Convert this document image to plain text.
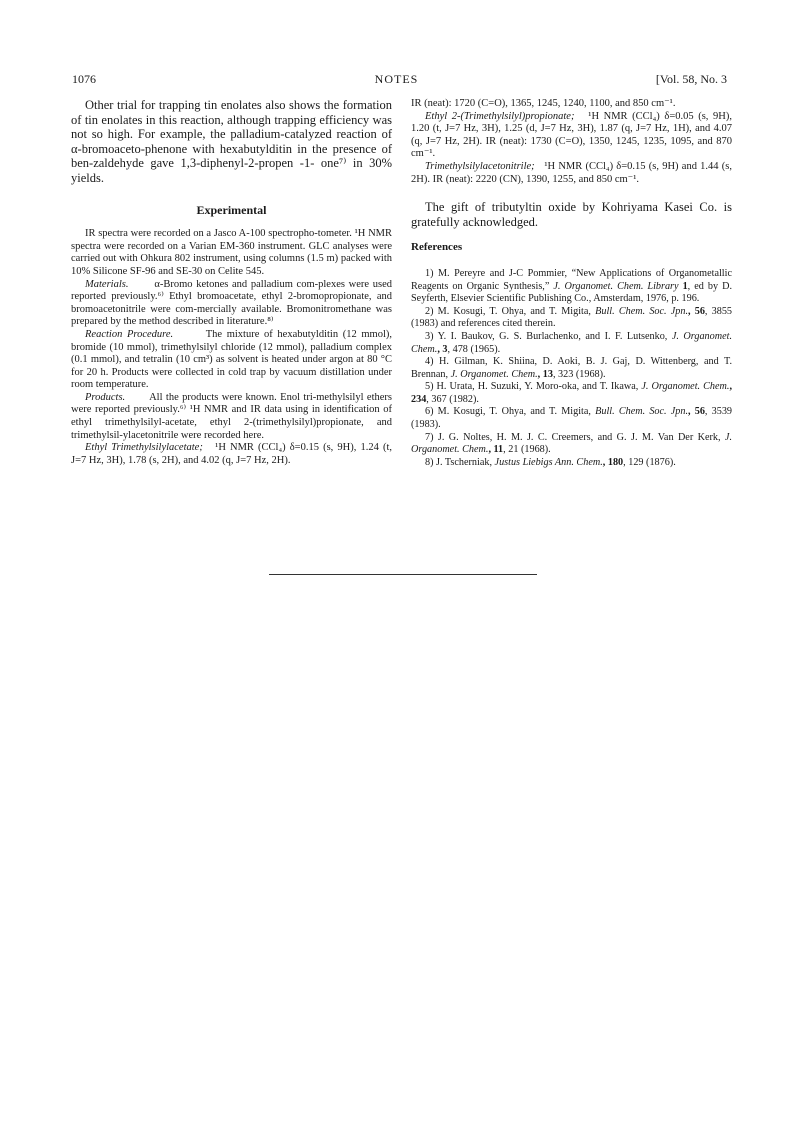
1076	NOTES	[Vol. 58, No. 3

Other trial for trapping tin enolates also shows the formation of tin enolates in this reaction, although trapping efficiency was not so high. For example, the palladium-catalyzed reaction of α-bromoaceto-phenone with hexabutylditin in the presence of ben-zaldehyde gave 1,3-diphenyl-2-propen -1- one⁷⁾ in 30% yields.

Experimental

IR spectra were recorded on a Jasco A-100 spectropho-tometer. ¹H NMR spectra were recorded on a Varian EM-360 instrument. GLC analyses were carried out with Ohkura 802 instrument, using columns (1.5 m) packed with 10% Silicone SF-96 and SE-30 on Celite 545.

Materials. α-Bromo ketones and palladium com-plexes were used reported previously.⁶⁾ Ethyl bromoacetate, ethyl 2-bromopropionate, and bromoacetonitrile were com-mercially available. Bromonitromethane was prepared by the method described in literature.⁸⁾

Reaction Procedure.	The mixture of hexabutylditin (12 mmol), bromide (10 mmol), trimethylsilyl chloride (12 mmol), palladium complex (0.1 mmol), and tetralin (10 cm³) as solvent is heated under argon at 80 °C for 20 h. Products were collected in cold trap by vacuum distillation under room temperature.

Products. All the products were known. Enol tri-methylsilyl ethers were reported previously.⁶⁾ ¹H NMR and IR data using in identification of ethyl trimethylsilyl-acetate, ethyl 2-(trimethylsilyl)propionate, and trimethylsil-ylacetonitrile were recorded here.

Ethyl Trimethylsilylacetate; ¹H NMR (CCl₄) δ=0.15 (s, 9H), 1.24 (t, J=7 Hz, 3H), 1.78 (s, 2H), and 4.02 (q, J=7 Hz, 2H).

IR (neat): 1720 (C=O), 1365, 1245, 1240, 1100, and 850 cm⁻¹.

Ethyl 2-(Trimethylsilyl)propionate; ¹H NMR (CCl₄) δ=0.05 (s, 9H), 1.20 (t, J=7 Hz, 3H), 1.25 (d, J=7 Hz, 3H), 1.87 (q, J=7 Hz, 1H), and 4.07 (q, J=7 Hz, 2H). IR (neat): 1730 (C=O), 1350, 1245, 1235, 1095, and 870 cm⁻¹.

Trimethylsilylacetonitrile; ¹H NMR (CCl₄) δ=0.15 (s, 9H) and 1.44 (s, 2H). IR (neat): 2220 (CN), 1390, 1255, and 850 cm⁻¹.

The gift of tributyltin oxide by Kohriyama Kasei Co. is gratefully acknowledged.

References

1) M. Pereyre and J-C Pommier, “New Applications of Organometallic Reagents on Organic Synthesis,” J. Organomet. Chem. Library 1, ed by D. Seyferth, Elsevier Scientific Publishing Co., Amsterdam, 1976, p. 196.

2) M. Kosugi, T. Ohya, and T. Migita, Bull. Chem. Soc. Jpn., 56, 3855 (1983) and references cited therein.

3) Y. I. Baukov, G. S. Burlachenko, and I. F. Lutsenko, J. Organomet. Chem., 3, 478 (1965).

4) H. Gilman, K. Shiina, D. Aoki, B. J. Gaj, D. Wittenberg, and T. Brennan, J. Organomet. Chem., 13, 323 (1968).

5) H. Urata, H. Suzuki, Y. Moro-oka, and T. Ikawa, J. Organomet. Chem., 234, 367 (1982).

6) M. Kosugi, T. Ohya, and T. Migita, Bull. Chem. Soc. Jpn., 56, 3539 (1983).

7) J. G. Noltes, H. M. J. C. Creemers, and G. J. M. Van Der Kerk, J. Organomet. Chem., 11, 21 (1968).

8) J. Tscherniak, Justus Liebigs Ann. Chem., 180, 129 (1876).
